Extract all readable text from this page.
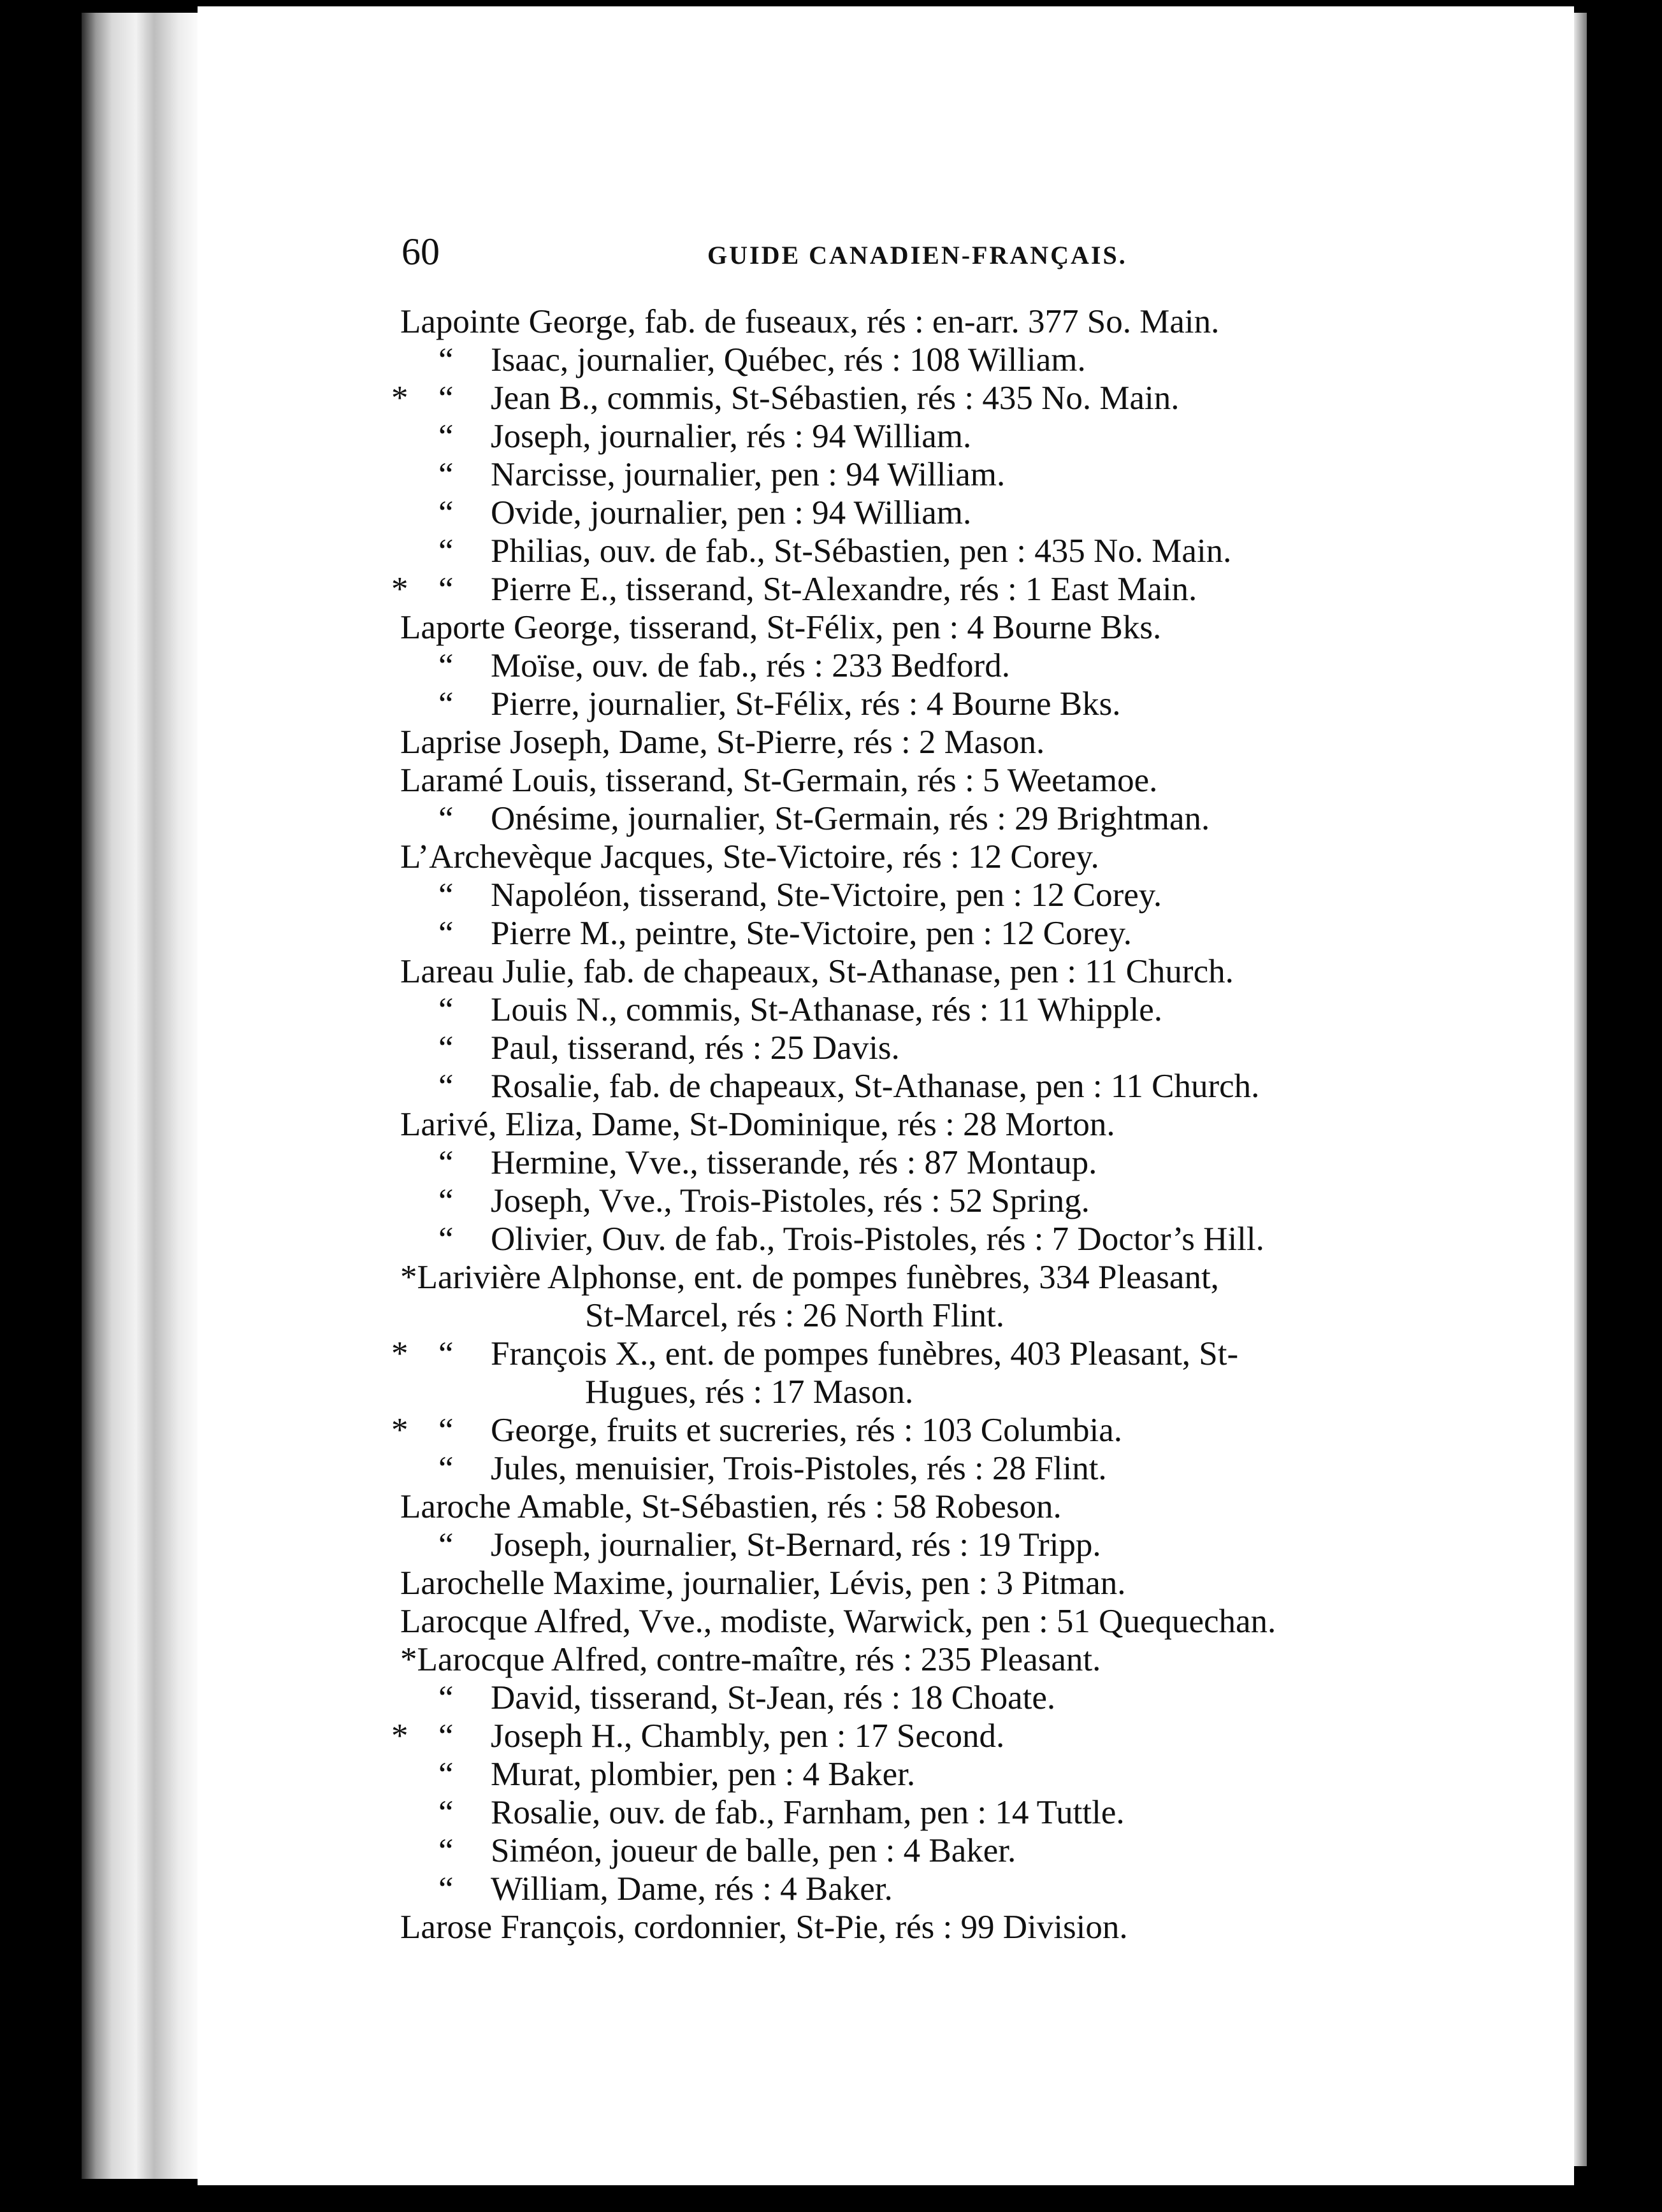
60	GUIDE CANADIEN-FRANÇAIS.
Lapointe George, fab. de fuseaux, rés : en-arr. 377 So. Main.
“ Isaac, journalier, Québec, rés : 108 William.
* “ Jean B., commis, St-Sébastien, rés : 435 No. Main.
“ Joseph, journalier, rés : 94 William.
“ Narcisse, journalier, pen : 94 William.
“ Ovide, journalier, pen : 94 William.
“ Philias, ouv. de fab., St-Sébastien, pen : 435 No. Main.
* “ Pierre E., tisserand, St-Alexandre, rés : 1 East Main.
Laporte George, tisserand, St-Félix, pen : 4 Bourne Bks.
“ Moïse, ouv. de fab., rés : 233 Bedford.
“ Pierre, journalier, St-Félix, rés : 4 Bourne Bks.
Laprise Joseph, Dame, St-Pierre, rés : 2 Mason.
Laramé Louis, tisserand, St-Germain, rés : 5 Weetamoe.
“ Onésime, journalier, St-Germain, rés : 29 Brightman.
L’Archevèque Jacques, Ste-Victoire, rés : 12 Corey.
“ Napoléon, tisserand, Ste-Victoire, pen : 12 Corey.
“ Pierre M., peintre, Ste-Victoire, pen : 12 Corey.
Lareau Julie, fab. de chapeaux, St-Athanase, pen : 11 Church.
“ Louis N., commis, St-Athanase, rés : 11 Whipple.
“ Paul, tisserand, rés : 25 Davis.
“ Rosalie, fab. de chapeaux, St-Athanase, pen : 11 Church.
Larivé, Eliza, Dame, St-Dominique, rés : 28 Morton.
“ Hermine, Vve., tisserande, rés : 87 Montaup.
“ Joseph, Vve., Trois-Pistoles, rés : 52 Spring.
“ Olivier, Ouv. de fab., Trois-Pistoles, rés : 7 Doctor’s Hill.
*Larivière Alphonse, ent. de pompes funèbres, 334 Pleasant,
St-Marcel, rés : 26 North Flint.
* “ François X., ent. de pompes funèbres, 403 Pleasant, St-
Hugues, rés : 17 Mason.
* “ George, fruits et sucreries, rés : 103 Columbia.
“ Jules, menuisier, Trois-Pistoles, rés : 28 Flint.
Laroche Amable, St-Sébastien, rés : 58 Robeson.
“ Joseph, journalier, St-Bernard, rés : 19 Tripp.
Larochelle Maxime, journalier, Lévis, pen : 3 Pitman.
Larocque Alfred, Vve., modiste, Warwick, pen : 51 Quequechan.
*Larocque Alfred, contre-maître, rés : 235 Pleasant.
“ David, tisserand, St-Jean, rés : 18 Choate.
* “ Joseph H., Chambly, pen : 17 Second.
“ Murat, plombier, pen : 4 Baker.
“ Rosalie, ouv. de fab., Farnham, pen : 14 Tuttle.
“ Siméon, joueur de balle, pen : 4 Baker.
“ William, Dame, rés : 4 Baker.
Larose François, cordonnier, St-Pie, rés : 99 Division.
